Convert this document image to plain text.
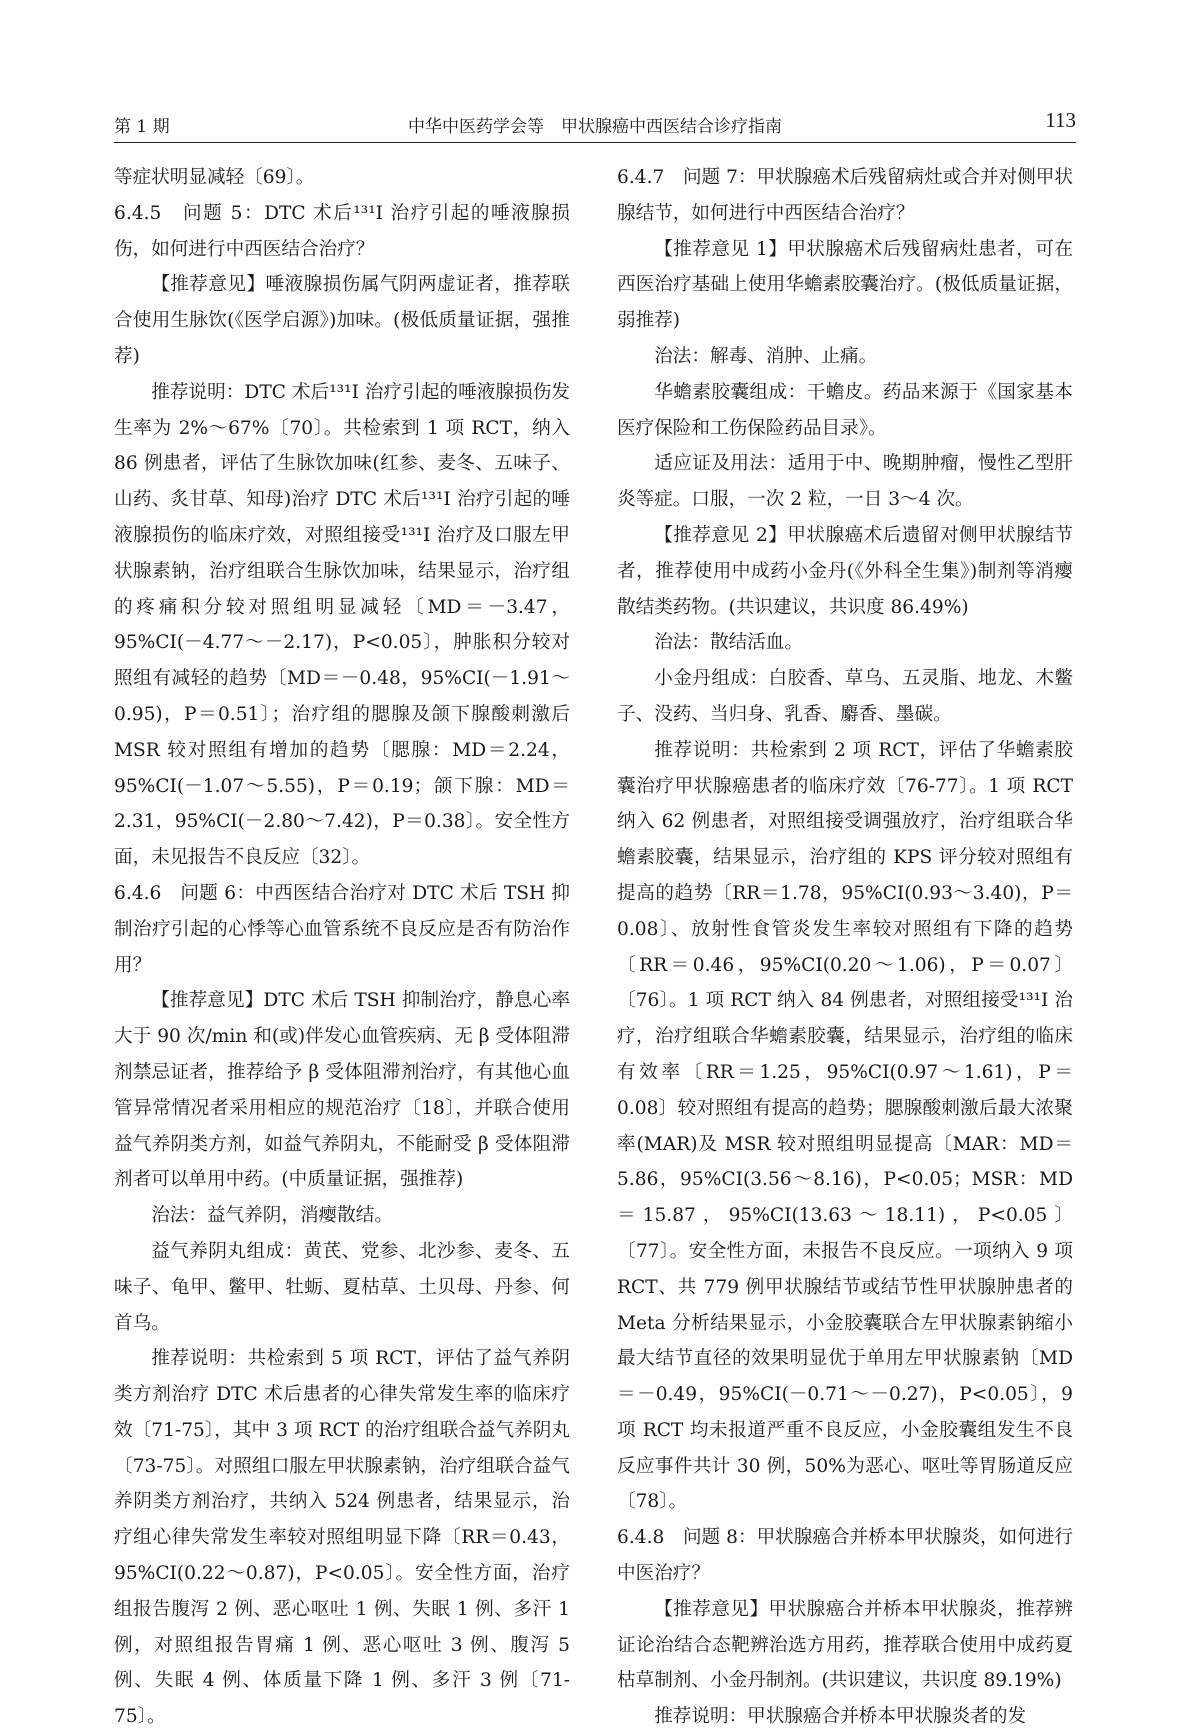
第 1 期	中华中医药学会等　甲状腺癌中西医结合诊疗指南	113

等症状明显减轻〔69〕。

6.4.5　问题 5：DTC 术后¹³¹I 治疗引起的唾液腺损伤，如何进行中西医结合治疗？

【推荐意见】唾液腺损伤属气阴两虚证者，推荐联合使用生脉饮(《医学启源》)加味。(极低质量证据，强推荐)

推荐说明：DTC 术后¹³¹I 治疗引起的唾液腺损伤发生率为 2%～67%〔70〕。共检索到 1 项 RCT，纳入 86 例患者，评估了生脉饮加味(红参、麦冬、五味子、山药、炙甘草、知母)治疗 DTC 术后¹³¹I 治疗引起的唾液腺损伤的临床疗效，对照组接受¹³¹I 治疗及口服左甲状腺素钠，治疗组联合生脉饮加味，结果显示，治疗组的疼痛积分较对照组明显减轻〔MD＝－3.47，95%CI(－4.77～－2.17)，P<0.05〕，肿胀积分较对照组有减轻的趋势〔MD＝－0.48，95%CI(－1.91～0.95)，P＝0.51〕；治疗组的腮腺及颌下腺酸刺激后 MSR 较对照组有增加的趋势〔腮腺：MD＝2.24，95%CI(－1.07～5.55)，P＝0.19；颌下腺：MD＝2.31，95%CI(－2.80～7.42)，P＝0.38〕。安全性方面，未见报告不良反应〔32〕。

6.4.6　问题 6：中西医结合治疗对 DTC 术后 TSH 抑制治疗引起的心悸等心血管系统不良反应是否有防治作用？

【推荐意见】DTC 术后 TSH 抑制治疗，静息心率大于 90 次/min 和(或)伴发心血管疾病、无 β 受体阻滞剂禁忌证者，推荐给予 β 受体阻滞剂治疗，有其他心血管异常情况者采用相应的规范治疗〔18〕，并联合使用益气养阴类方剂，如益气养阴丸，不能耐受 β 受体阻滞剂者可以单用中药。(中质量证据，强推荐)

治法：益气养阴，消瘿散结。

益气养阴丸组成：黄芪、党参、北沙参、麦冬、五味子、龟甲、鳖甲、牡蛎、夏枯草、土贝母、丹参、何首乌。

推荐说明：共检索到 5 项 RCT，评估了益气养阴类方剂治疗 DTC 术后患者的心律失常发生率的临床疗效〔71-75〕，其中 3 项 RCT 的治疗组联合益气养阴丸〔73-75〕。对照组口服左甲状腺素钠，治疗组联合益气养阴类方剂治疗，共纳入 524 例患者，结果显示，治疗组心律失常发生率较对照组明显下降〔RR＝0.43，95%CI(0.22～0.87)，P<0.05〕。安全性方面，治疗组报告腹泻 2 例、恶心呕吐 1 例、失眠 1 例、多汗 1 例，对照组报告胃痛 1 例、恶心呕吐 3 例、腹泻 5 例、失眠 4 例、体质量下降 1 例、多汗 3 例〔71-75〕。

6.4.7　问题 7：甲状腺癌术后残留病灶或合并对侧甲状腺结节，如何进行中西医结合治疗？

【推荐意见 1】甲状腺癌术后残留病灶患者，可在西医治疗基础上使用华蟾素胶囊治疗。(极低质量证据，弱推荐)

治法：解毒、消肿、止痛。

华蟾素胶囊组成：干蟾皮。药品来源于《国家基本医疗保险和工伤保险药品目录》。

适应证及用法：适用于中、晚期肿瘤，慢性乙型肝炎等症。口服，一次 2 粒，一日 3～4 次。

【推荐意见 2】甲状腺癌术后遗留对侧甲状腺结节者，推荐使用中成药小金丹(《外科全生集》)制剂等消瘿散结类药物。(共识建议，共识度 86.49%)

治法：散结活血。

小金丹组成：白胶香、草乌、五灵脂、地龙、木鳖子、没药、当归身、乳香、麝香、墨碳。

推荐说明：共检索到 2 项 RCT，评估了华蟾素胶囊治疗甲状腺癌患者的临床疗效〔76-77〕。1 项 RCT 纳入 62 例患者，对照组接受调强放疗，治疗组联合华蟾素胶囊，结果显示，治疗组的 KPS 评分较对照组有提高的趋势〔RR＝1.78，95%CI(0.93～3.40)，P＝0.08〕、放射性食管炎发生率较对照组有下降的趋势〔RR＝0.46，95%CI(0.20～1.06)，P＝0.07〕〔76〕。1 项 RCT 纳入 84 例患者，对照组接受¹³¹I 治疗，治疗组联合华蟾素胶囊，结果显示，治疗组的临床有效率〔RR＝1.25，95%CI(0.97～1.61)，P＝0.08〕较对照组有提高的趋势；腮腺酸刺激后最大浓聚率(MAR)及 MSR 较对照组明显提高〔MAR：MD＝5.86，95%CI(3.56～8.16)，P<0.05；MSR：MD＝15.87，95%CI(13.63～18.11)，P<0.05〕〔77〕。安全性方面，未报告不良反应。一项纳入 9 项 RCT、共 779 例甲状腺结节或结节性甲状腺肿患者的 Meta 分析结果显示，小金胶囊联合左甲状腺素钠缩小最大结节直径的效果明显优于单用左甲状腺素钠〔MD＝－0.49，95%CI(－0.71～－0.27)，P<0.05〕，9 项 RCT 均未报道严重不良反应，小金胶囊组发生不良反应事件共计 30 例，50%为恶心、呕吐等胃肠道反应〔78〕。

6.4.8　问题 8：甲状腺癌合并桥本甲状腺炎，如何进行中医治疗？

【推荐意见】甲状腺癌合并桥本甲状腺炎，推荐辨证论治结合态靶辨治选方用药，推荐联合使用中成药夏枯草制剂、小金丹制剂。(共识建议，共识度 89.19%)

推荐说明：甲状腺癌合并桥本甲状腺炎者的发
